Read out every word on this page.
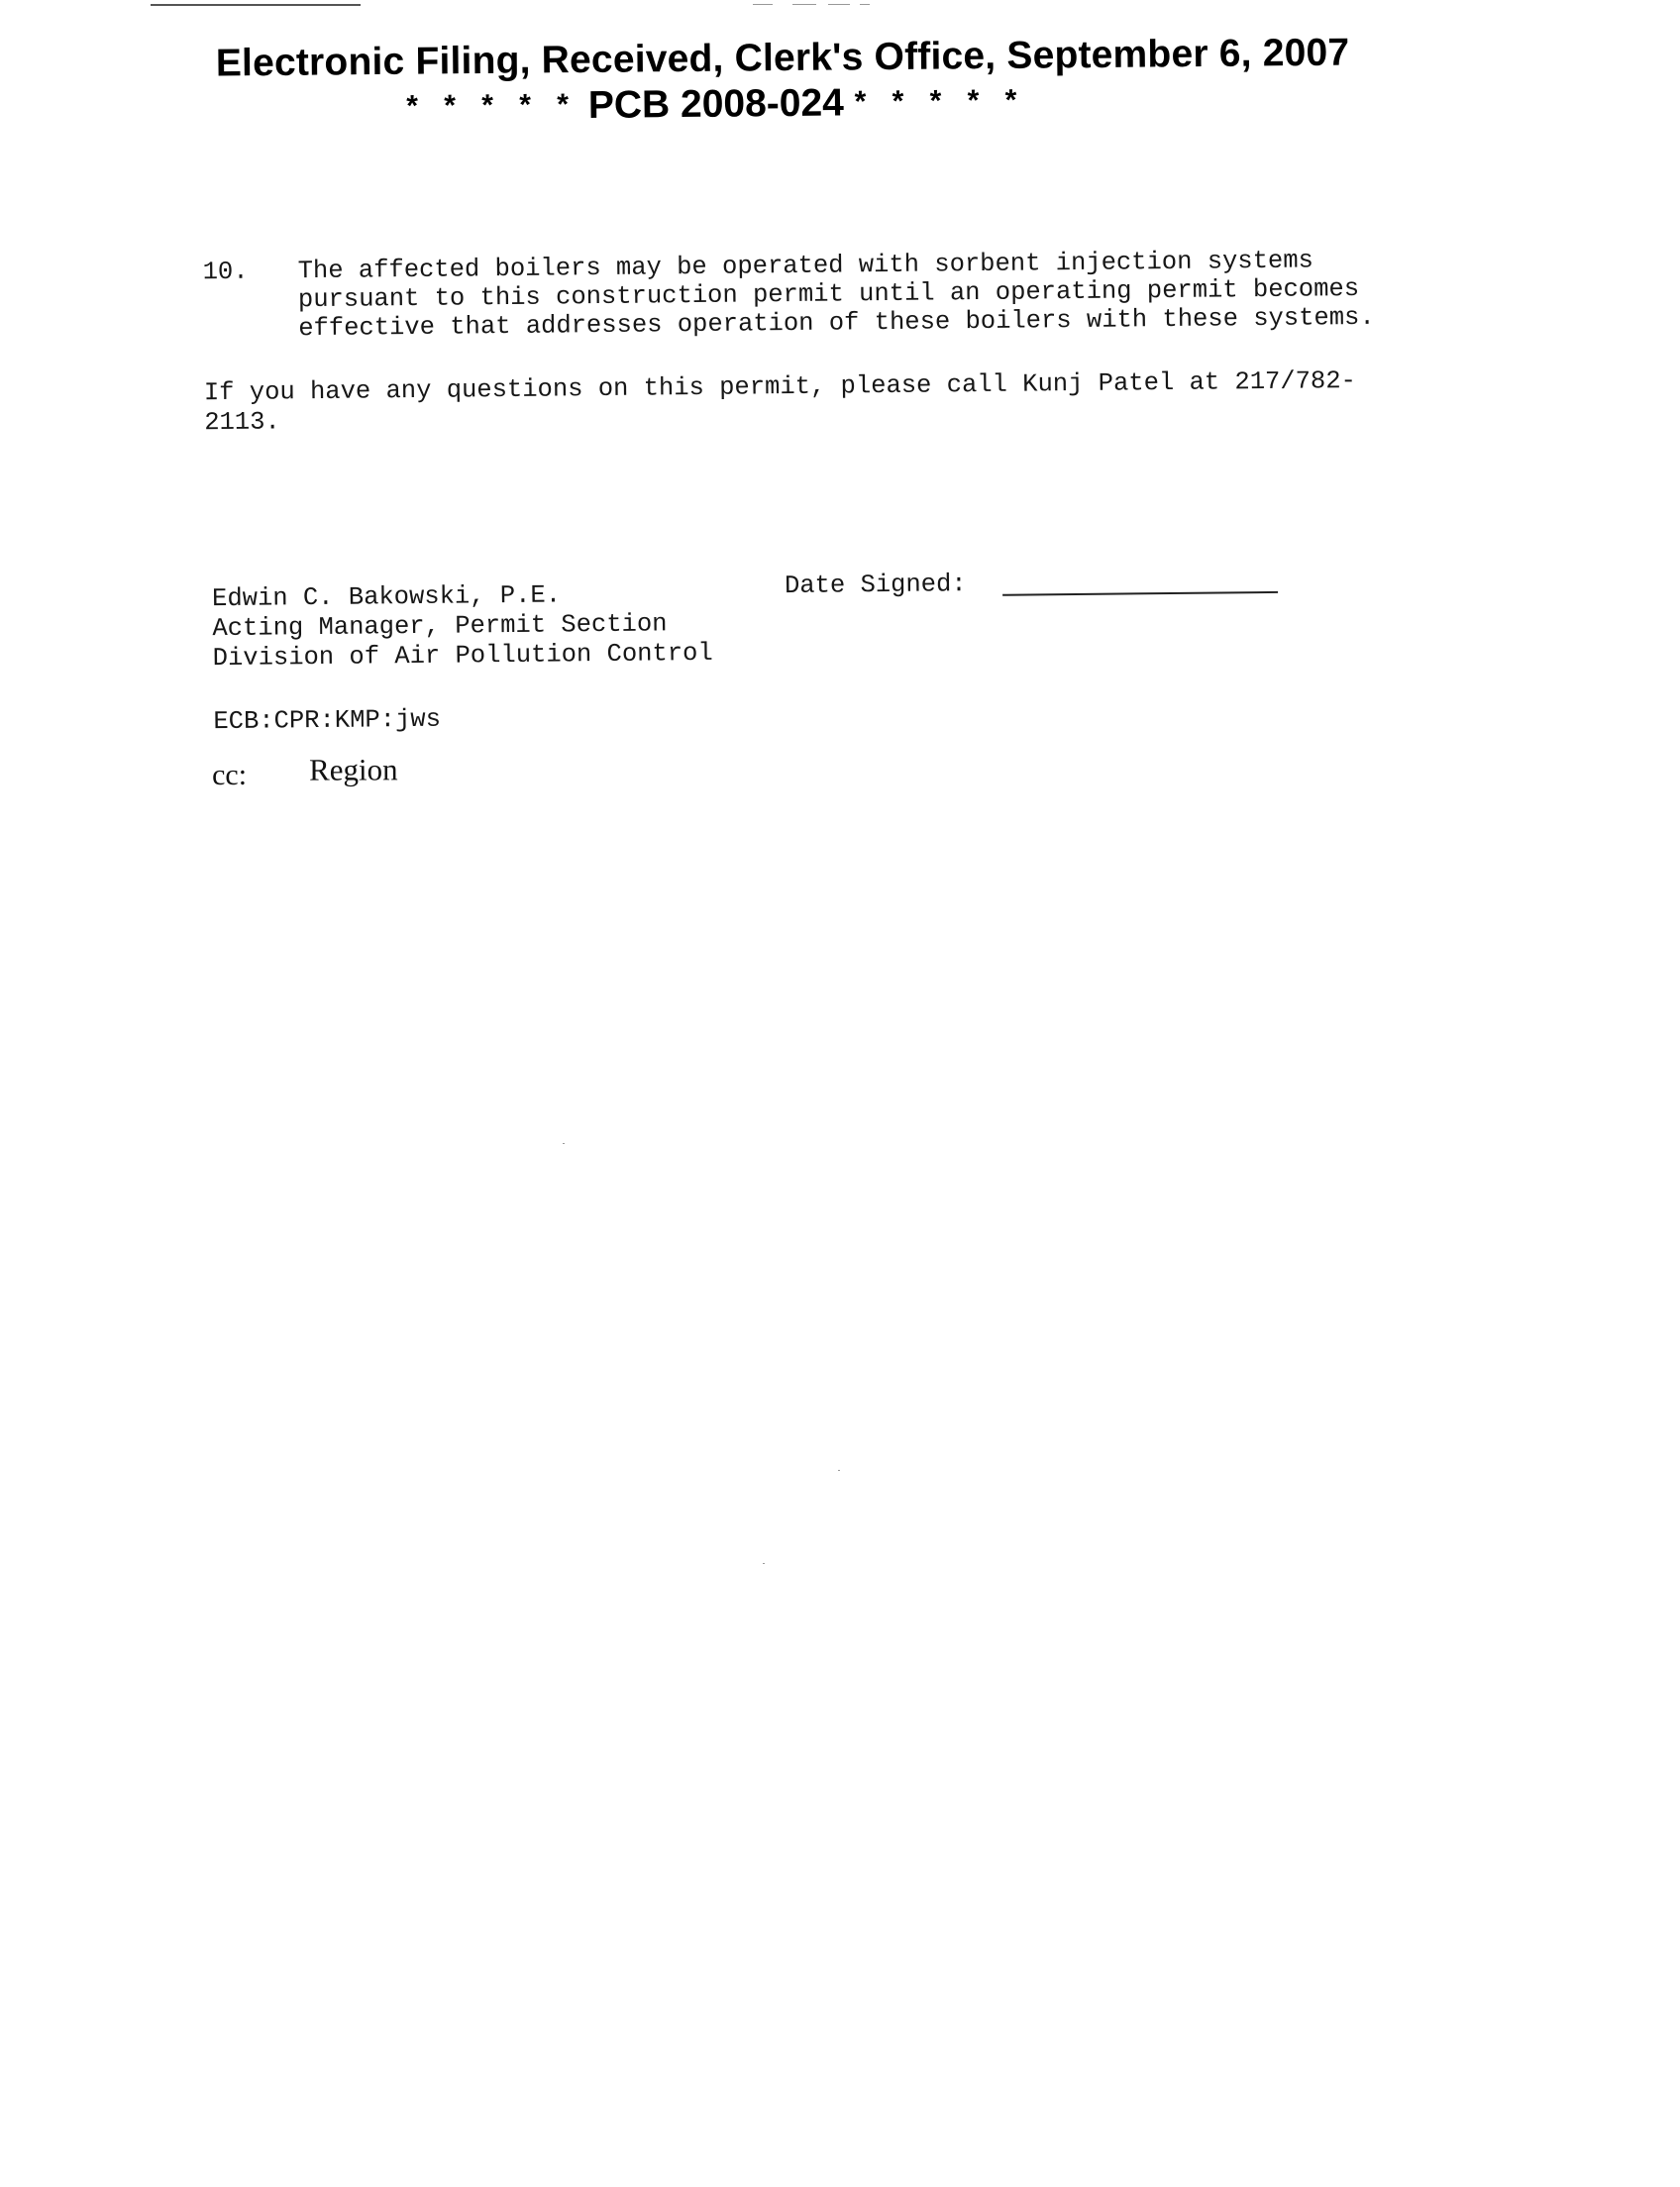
Electronic Filing, Received, Clerk's Office, September 6, 2007
* * * * * PCB 2008-024 * * * * *
10. The affected boilers may be operated with sorbent injection systems
pursuant to this construction permit until an operating permit becomes
effective that addresses operation of these boilers with these systems.
If you have any questions on this permit, please call Kunj Patel at 217/782-
2113.
Edwin C. Bakowski, P.E.
Acting Manager, Permit Section
Division of Air Pollution Control
Date Signed:
ECB:CPR:KMP:jws
cc: Region
